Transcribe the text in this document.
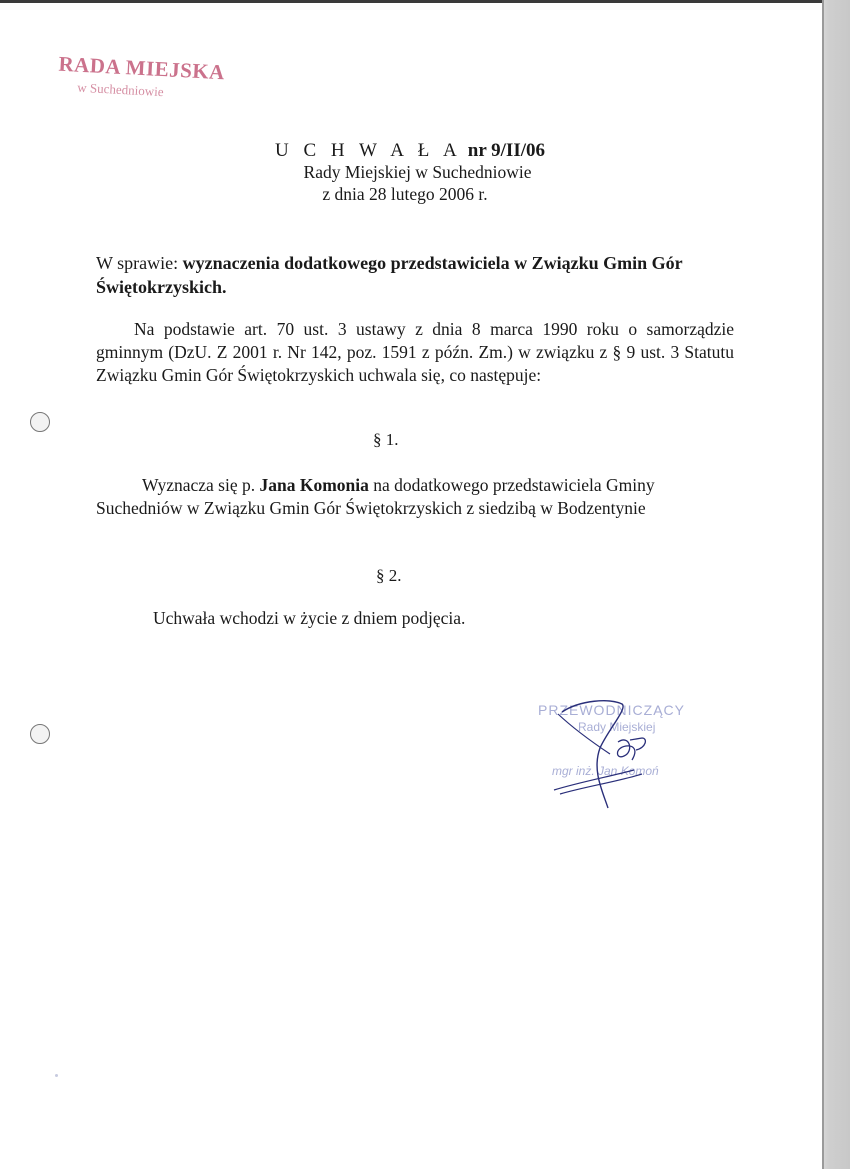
RADA MIEJSKA
w Suchedniowie
U C H W A Ł A nr 9/II/06
Rady Miejskiej w Suchedniowie
z dnia 28 lutego 2006 r.
W sprawie: wyznaczenia dodatkowego przedstawiciela w Związku Gmin Gór Świętokrzyskich.
Na podstawie art. 70 ust. 3 ustawy z dnia 8 marca 1990 roku o samorządzie gminnym (DzU. Z 2001 r. Nr 142, poz. 1591 z późn. Zm.) w związku z § 9 ust. 3 Statutu Związku Gmin Gór Świętokrzyskich uchwala się, co następuje:
§ 1.
Wyznacza się p. Jana Komonia na dodatkowego przedstawiciela Gminy Suchedniów w Związku Gmin Gór Świętokrzyskich z siedzibą w Bodzentynie
§ 2.
Uchwała wchodzi w życie z dniem podjęcia.
PRZEWODNICZĄCY
Rady Miejskiej
mgr inż. Jan Komoń
